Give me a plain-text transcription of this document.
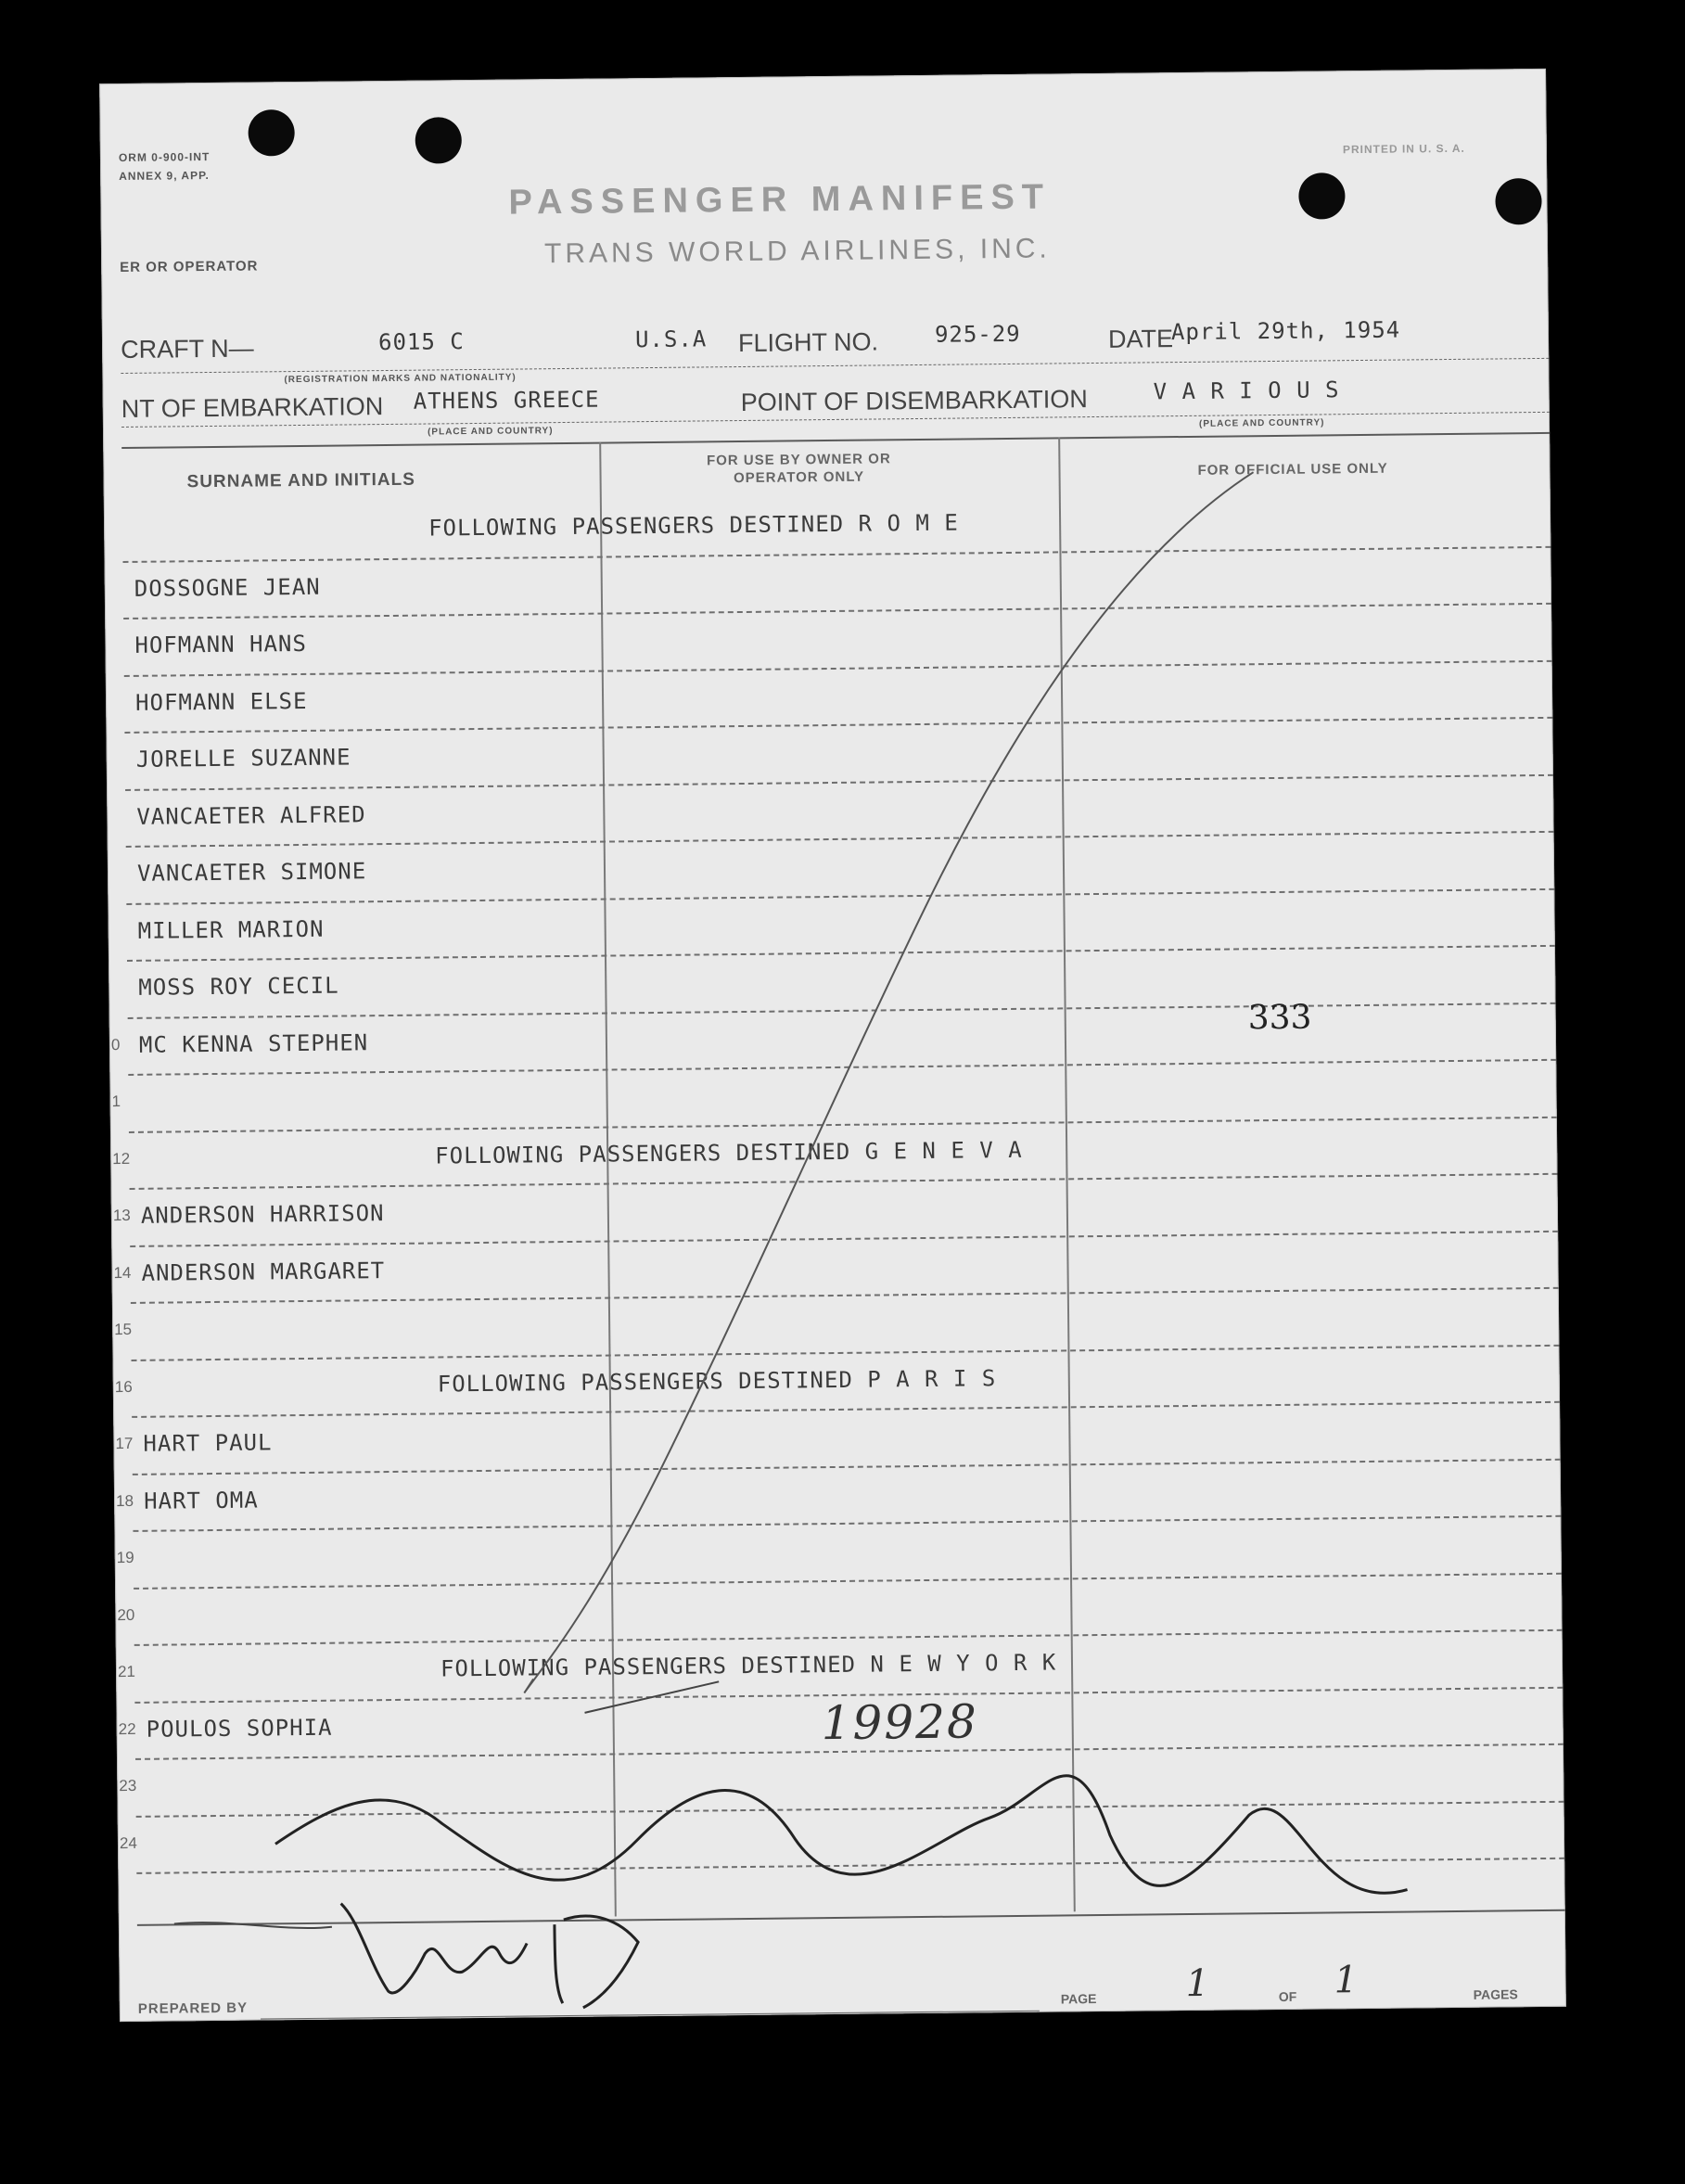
ORM 0-900-INT
ANNEX 9, APP.
PRINTED IN U. S. A.
ER OR OPERATOR
PASSENGER MANIFEST
TRANS WORLD AIRLINES, INC.
CRAFT N—	6015 C	U.S.A FLIGHT NO.	925-29	DATE
April 29th, 1954
(REGISTRATION MARKS AND NATIONALITY)
NT OF EMBARKATION ATHENS GREECE	POINT OF DISEMBARKATION	V A R I O U S
(PLACE AND COUNTRY)
(PLACE AND COUNTRY)
SURNAME AND INITIALS
FOR USE BY OWNER OR OPERATOR ONLY	FOR OFFICIAL USE ONLY
FOLLOWING PASSENGERS DESTINED R O M E
DOSSOGNE JEAN
HOFMANN HANS
HOFMANN ELSE
JORELLE SUZANNE
VANCAETER ALFRED
VANCAETER SIMONE
MILLER MARION
MOSS ROY CECIL
0 MC KENNA STEPHEN
1
12	FOLLOWING PASSENGERS DESTINED G E N E V A
13 ANDERSON HARRISON
14 ANDERSON MARGARET
15
16	FOLLOWING PASSENGERS DESTINED P A R I S
17 HART PAUL
18 HART OMA
19
20
21	FOLLOWING PASSENGERS DESTINED N E W Y O R K
22 POULOS SOPHIA
23
24
333
19928
PREPARED BY
PAGE 1	OF 1	PAGES
